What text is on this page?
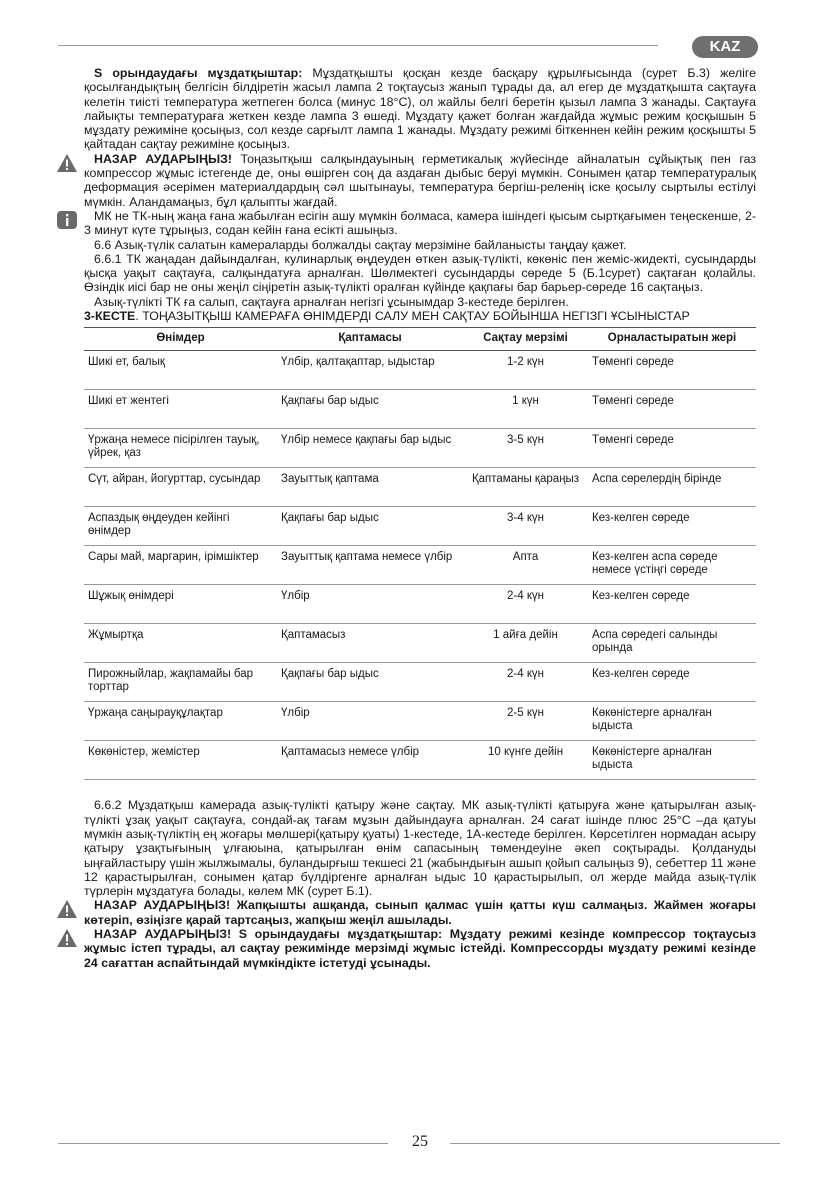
KAZ

S орындаудағы мұздатқыштар: Мұздатқышты қосқан кезде басқару құрылғысында (сурет Б.3) желіге қосылғандықтың белгісін білдіретін жасыл лампа 2 тоқтаусыз жанып тұрады да, ал егер де мұздатқышта сақтауға келетін тиісті температура жетпеген болса (минус 18°С), ол жайлы белгі беретін қызыл лампа 3 жанады. Сақтауға лайықты температураға жеткен кезде лампа 3 өшеді. Мұздату қажет болған жағдайда жұмыс режим қосқышын 5 мұздату режиміне қосыңыз, сол кезде сарғылт лампа 1 жанады. Мұздату режимі біткеннен кейін режим қосқышты 5 қайтадан сақтау режиміне қосыңыз.

НАЗАР АУДАРЫҢЫЗ! Тоңазытқыш салқындауының герметикалық жүйесінде айналатын сұйықтық пен газ компрессор жұмыс істегенде де, оны өшірген соң да аздаған дыбыс беруі мүмкін. Сонымен қатар температуралық деформация әсерімен материалдардың сәл шытынауы, температура бергіш-реленің іске қосылу сыртылы естілуі мүмкін. Аландамаңыз, бұл қалыпты жағдай.

МК не ТК-ның жаңа ғана жабылған есігін ашу мүмкін болмаса, камера ішіндегі қысым сыртқағымен теңескенше, 2-3 минут күте тұрыңыз, содан кейін ғана есікті ашыңыз.

6.6 Азық-түлік салатын камераларды болжалды сақтау мерзіміне байланысты таңдау қажет.

6.6.1 ТК жаңадан дайындалған, кулинарлық өңдеуден өткен азық-түлікті, көкөніс пен жеміс-жидекті, сусындарды қысқа уақыт сақтауға, салқындатуға арналған. Шөлмектегі сусындарды сөреде 5 (Б.1сурет) сақтаған қолайлы. Өзіндік иісі бар не оны жеңіл сіңіретін азық-түлікті оралған күйінде қақпағы бар барьер-сөреде 16 сақтаңыз.

Азық-түлікті ТК ға салып, сақтауға арналған негізгі ұсынымдар 3-кестеде берілген.

3-КЕСТЕ. ТОҢАЗЫТҚЫШ КАМЕРАҒА ӨНІМДЕРДІ САЛУ МЕН САҚТАУ БОЙЫНША НЕГІЗГІ ҰСЫНЫСТАР

Өнімдер	Қаптамасы	Сақтау мерзімі	Орналастыратын жері
Шикі ет, балық	Үлбір, қалтақаптар, ыдыстар	1-2 күн	Төменгі сөреде
Шикі ет жентегі	Қақпағы бар ыдыс	1 күн	Төменгі сөреде
Үржаңа немесе пісірілген тауық, үйрек, қаз	Үлбір немесе қақпағы бар ыдыс	3-5 күн	Төменгі сөреде
Сүт, айран, йогурттар, сусындар	Зауыттық қаптама	Қаптаманы қараңыз	Аспа сөрелердің бірінде
Аспаздық өңдеуден кейінгі өнімдер	Қақпағы бар ыдыс	3-4 күн	Кез-келген сөреде
Сары май, маргарин, ірімшіктер	Зауыттық қаптама немесе үлбір	Апта	Кез-келген аспа сөреде немесе үстіңгі сөреде
Шұжық өнімдері	Үлбір	2-4 күн	Кез-келген сөреде
Жұмыртқа	Қаптамасыз	1 айға дейін	Аспа сөредегі салынды орында
Пирожныйлар, жақпамайы бар торттар	Қақпағы бар ыдыс	2-4 күн	Кез-келген сөреде
Үржаңа саңырауқұлақтар	Үлбір	2-5 күн	Көкөністерге арналған ыдыста
Көкөністер, жемістер	Қаптамасыз немесе үлбір	10 күнге дейін	Көкөністерге арналған ыдыста

6.6.2 Мұздатқыш камерада азық-түлікті қатыру және сақтау. МК азық-түлікті қатыруға және қатырылған азық-түлікті ұзақ уақыт сақтауға, сондай-ақ тағам мұзын дайындауға арналған. 24 сағат ішінде плюс 25°С –да қатуы мүмкін азық-түліктің ең жоғары мөлшері(қатыру қуаты) 1-кестеде, 1А-кестеде берілген. Көрсетілген нормадан асыру қатыру ұзақтығының ұлғаюына, қатырылған өнім сапасының төмендеуіне әкеп соқтырады. Қолдануды ыңғайластыру үшін жылжымалы, буландырғыш текшесі 21 (жабындығын ашып қойып салыңыз 9), себеттер 11 және 12 қарастырылған, сонымен қатар бүлдіргенге арналған ыдыс 10 қарастырылып, ол жерде майда азық-түлік түрлерін мұздатуға болады, көлем МК (сурет Б.1).

НАЗАР АУДАРЫҢЫЗ! Жапқышты ашқанда, сынып қалмас үшін қатты күш салмаңыз. Жаймен жоғары көтеріп, өзіңізге қарай тартсаңыз, жапқыш жеңіл ашылады.

НАЗАР АУДАРЫҢЫЗ! S орындаудағы мұздатқыштар: Мұздату режимі кезінде компрессор тоқтаусыз жұмыс істеп тұрады, ал сақтау режимінде мерзімді жұмыс істейді. Компрессорды мұздату режимі кезінде 24 сағаттан аспайтындай мүмкіндікте істетуді ұсынады.

25
